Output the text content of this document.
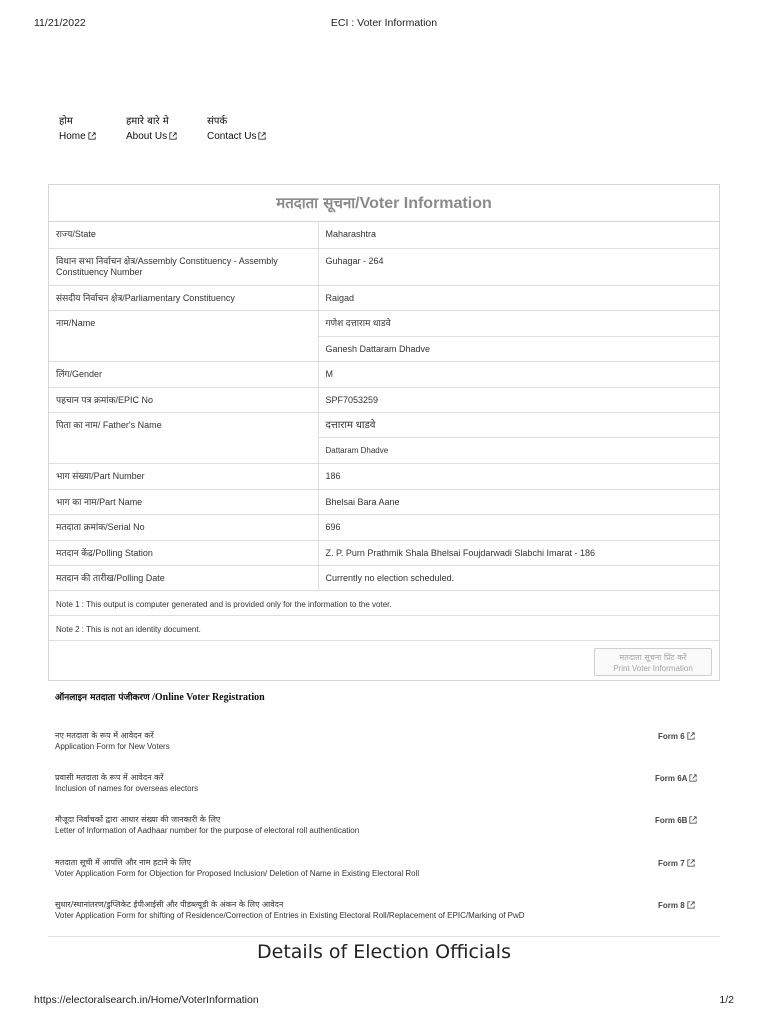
11/21/2022	ECI : Voter Information
होम
Home
हमारे बारे मे
About Us
संपर्क
Contact Us
मतदाता सूचना/Voter Information
राज्य/State	Maharashtra
विधान सभा निर्वाचन क्षेत्र/Assembly Constituency - Assembly Constituency Number	Guhagar - 264
संसदीय निर्वाचन क्षेत्र/Parliamentary Constituency	Raigad
नाम/Name	गणेश दत्ताराम धाडवे
	Ganesh Dattaram Dhadve
लिंग/Gender	M
पहचान पत्र क्रमांक/EPIC No	SPF7053259
पिता का नाम/ Father's Name	दत्ताराम धाडवे
	Dattaram Dhadve
भाग संख्या/Part Number	186
भाग का नाम/Part Name	Bhelsai Bara Aane
मतदाता क्रमांक/Serial No	696
मतदान केंद्र/Polling Station	Z. P. Purn Prathmik Shala Bhelsai Foujdarwadi Slabchi Imarat - 186
मतदान की तारीख/Polling Date	Currently no election scheduled.
Note 1 : This output is computer generated and is provided only for the information to the voter.	
Note 2 : This is not an identity document.	
मतदाता सूचना प्रिंट करें
Print Voter Information
ऑनलाइन मतदाता पंजीकरण /Online Voter Registration
नए मतदाता के रूप में आवेदन करें
Application Form for New Voters
Form 6
प्रवासी मतदाता के रूप में आवेदन करें
Inclusion of names for overseas electors
Form 6A
मौजूदा निर्वाचकों द्वारा आधार संख्या की जानकारी के लिए
Letter of Information of Aadhaar number for the purpose of electoral roll authentication
Form 6B
मतदाता सूची में आपत्ति और नाम हटाने के लिए
Voter Application Form for Objection for Proposed Inclusion/ Deletion of Name in Existing Electoral Roll
Form 7
सुधार/स्थानांतरण/डुप्लिकेट ईपीआईसी और पीडब्ल्यूडी के अंकन के लिए आवेदन
Voter Application Form for shifting of Residence/Correction of Entries in Existing Electoral Roll/Replacement of EPIC/Marking of PwD
Form 8
Details of Election Officials
https://electoralsearch.in/Home/VoterInformation	1/2
